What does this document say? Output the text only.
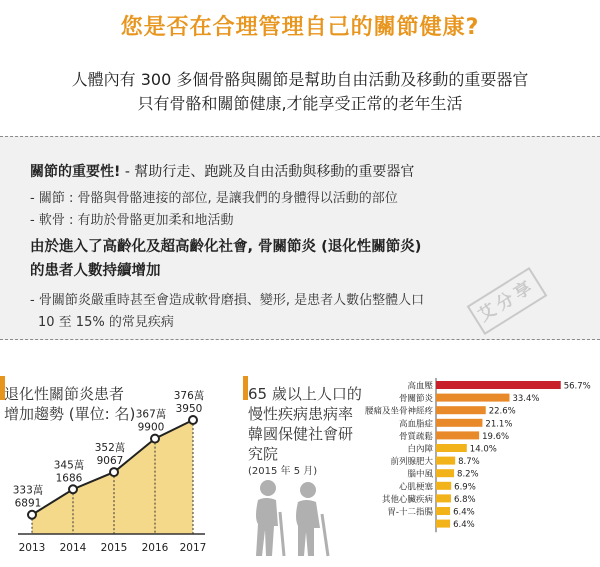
您是否在合理管理自己的關節健康?
人體內有 300 多個骨骼與關節是幫助自由活動及移動的重要器官
只有骨骼和關節健康,才能享受正常的老年生活
關節的重要性! - 幫助行走、跑跳及自由活動與移動的重要器官
- 關節 : 骨骼與骨骼連接的部位, 是讓我們的身體得以活動的部位
- 軟骨 : 有助於骨骼更加柔和地活動
由於進入了高齡化及超高齡化社會, 骨關節炎 (退化性關節炎)
的患者人數持續增加
- 骨關節炎嚴重時甚至會造成軟骨磨損、變形, 是患者人數佔整體人口
10 至 15% 的常見疾病	艾分享
退化性關節炎患者
增加趨勢 (單位: 名)
333萬
6891
2013
345萬
1686
2014
352萬
9067
2015
367萬
9900
2016
376萬
3950
2017
65 歲以上人口的
慢性疾病患病率
韓國保健社會研
究院
(2015 年 5 月)
56.7%
高血壓
33.4%
骨關節炎
22.6%
腰痛及坐骨神經疼
21.1%
高血脂症
19.6%
骨質疏鬆
14.0%
白內障
8.7%
前列腺肥大
8.2%
腦中風
6.9%
心肌梗塞
6.8%
其他心臟疾病
6.4%
胃-十二指腸
6.4%
